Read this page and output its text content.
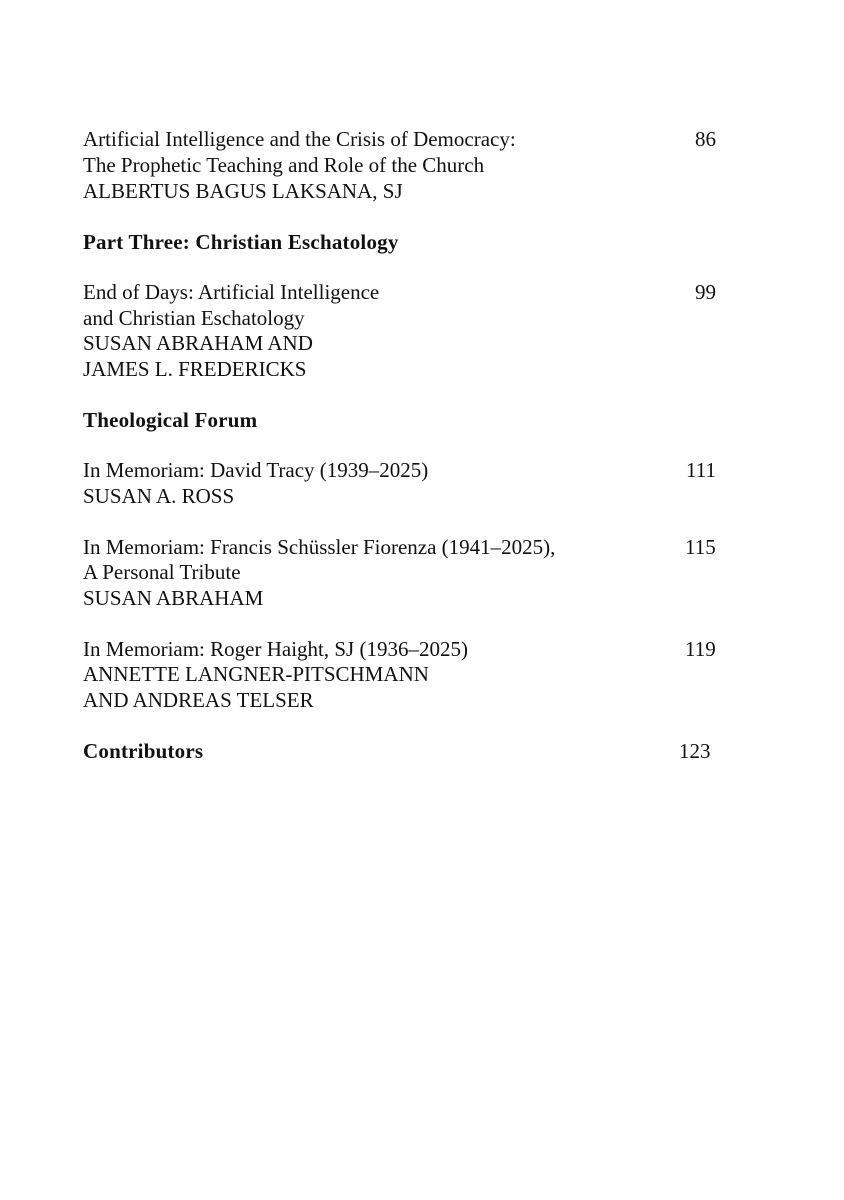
Artificial Intelligence and the Crisis of Democracy:	86
The Prophetic Teaching and Role of the Church
ALBERTUS BAGUS LAKSANA, SJ
Part Three: Christian Eschatology
End of Days: Artificial Intelligence	99
and Christian Eschatology
SUSAN ABRAHAM AND
JAMES L. FREDERICKS
Theological Forum
In Memoriam: David Tracy (1939–2025)	111
SUSAN A. ROSS
In Memoriam: Francis Schüssler Fiorenza (1941–2025),	115
A Personal Tribute
SUSAN ABRAHAM
In Memoriam: Roger Haight, SJ (1936–2025)	119
ANNETTE LANGNER-PITSCHMANN
AND ANDREAS TELSER
Contributors	123
